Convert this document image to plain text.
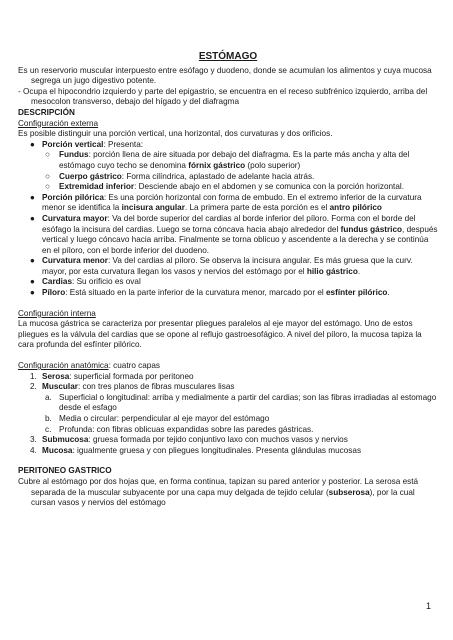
ESTÓMAGO

Es un reservorio muscular interpuesto entre esófago y duodeno, donde se acumulan los alimentos y cuya mucosa segrega un jugo digestivo potente.

- Ocupa el hipocondrio izquierdo y parte del epigastrio, se encuentra en el receso subfrénico izquierdo, arriba del mesocolon transverso, debajo del hígado y del diafragma

DESCRIPCIÓN

Configuración externa

Es posible distinguir una porción vertical, una horizontal, dos curvaturas y dos orificios.

● Porción vertical: Presenta:
○ Fundus: porción llena de aire situada por debajo del diafragma. Es la parte más ancha y alta del estómago cuyo techo se denomina fórnix gástrico (polo superior)
○ Cuerpo gástrico: Forma cilíndrica, aplastado de adelante hacia atrás.
○ Extremidad inferior: Desciende abajo en el abdomen y se comunica con la porción horizontal.
● Porción pilórica: Es una porción horizontal con forma de embudo. En el extremo inferior de la curvatura menor se identifica la incisura angular. La primera parte de esta porción es el antro pilórico
● Curvatura mayor: Va del borde superior del cardias al borde inferior del píloro. Forma con el borde del esófago la incisura del cardias. Luego se torna cóncava hacia abajo alrededor del fundus gástrico, después vertical y luego cóncavo hacia arriba. Finalmente se torna oblicuo y ascendente a la derecha y se continúa en el píloro, con el borde inferior del duodeno.
● Curvatura menor: Va del cardias al píloro. Se observa la incisura angular. Es más gruesa que la curv. mayor, por esta curvatura llegan los vasos y nervios del estómago por el hilio gástrico.
● Cardias: Su orificio es oval
● Píloro: Está situado en la parte inferior de la curvatura menor, marcado por el esfínter pilórico.

Configuración interna

La mucosa gástrica se caracteriza por presentar pliegues paralelos al eje mayor del estómago. Uno de estos pliegues es la válvula del cardias que se opone al reflujo gastroesofágico. A nivel del píloro, la mucosa tapiza la cara profunda del esfínter pilórico.

Configuración anatómica: cuatro capas

1. Serosa: superficial formada por peritoneo
2. Muscular: con tres planos de fibras musculares lisas
a. Superficial o longitudinal: arriba y medialmente a partir del cardias; son las fibras irradiadas al estomago desde el esfago
b. Media o circular: perpendicular al eje mayor del estómago
c. Profunda: con fibras oblicuas expandidas sobre las paredes gástricas.
3. Submucosa: gruesa formada por tejido conjuntivo laxo con muchos vasos y nervios
4. Mucosa: igualmente gruesa y con pliegues longitudinales. Presenta glándulas mucosas

PERITONEO GASTRICO

Cubre al estómago por dos hojas que, en forma continua, tapizan su pared anterior y posterior. La serosa está separada de la muscular subyacente por una capa muy delgada de tejido celular (subserosa), por la cual cursan vasos y nervios del estómago

1
